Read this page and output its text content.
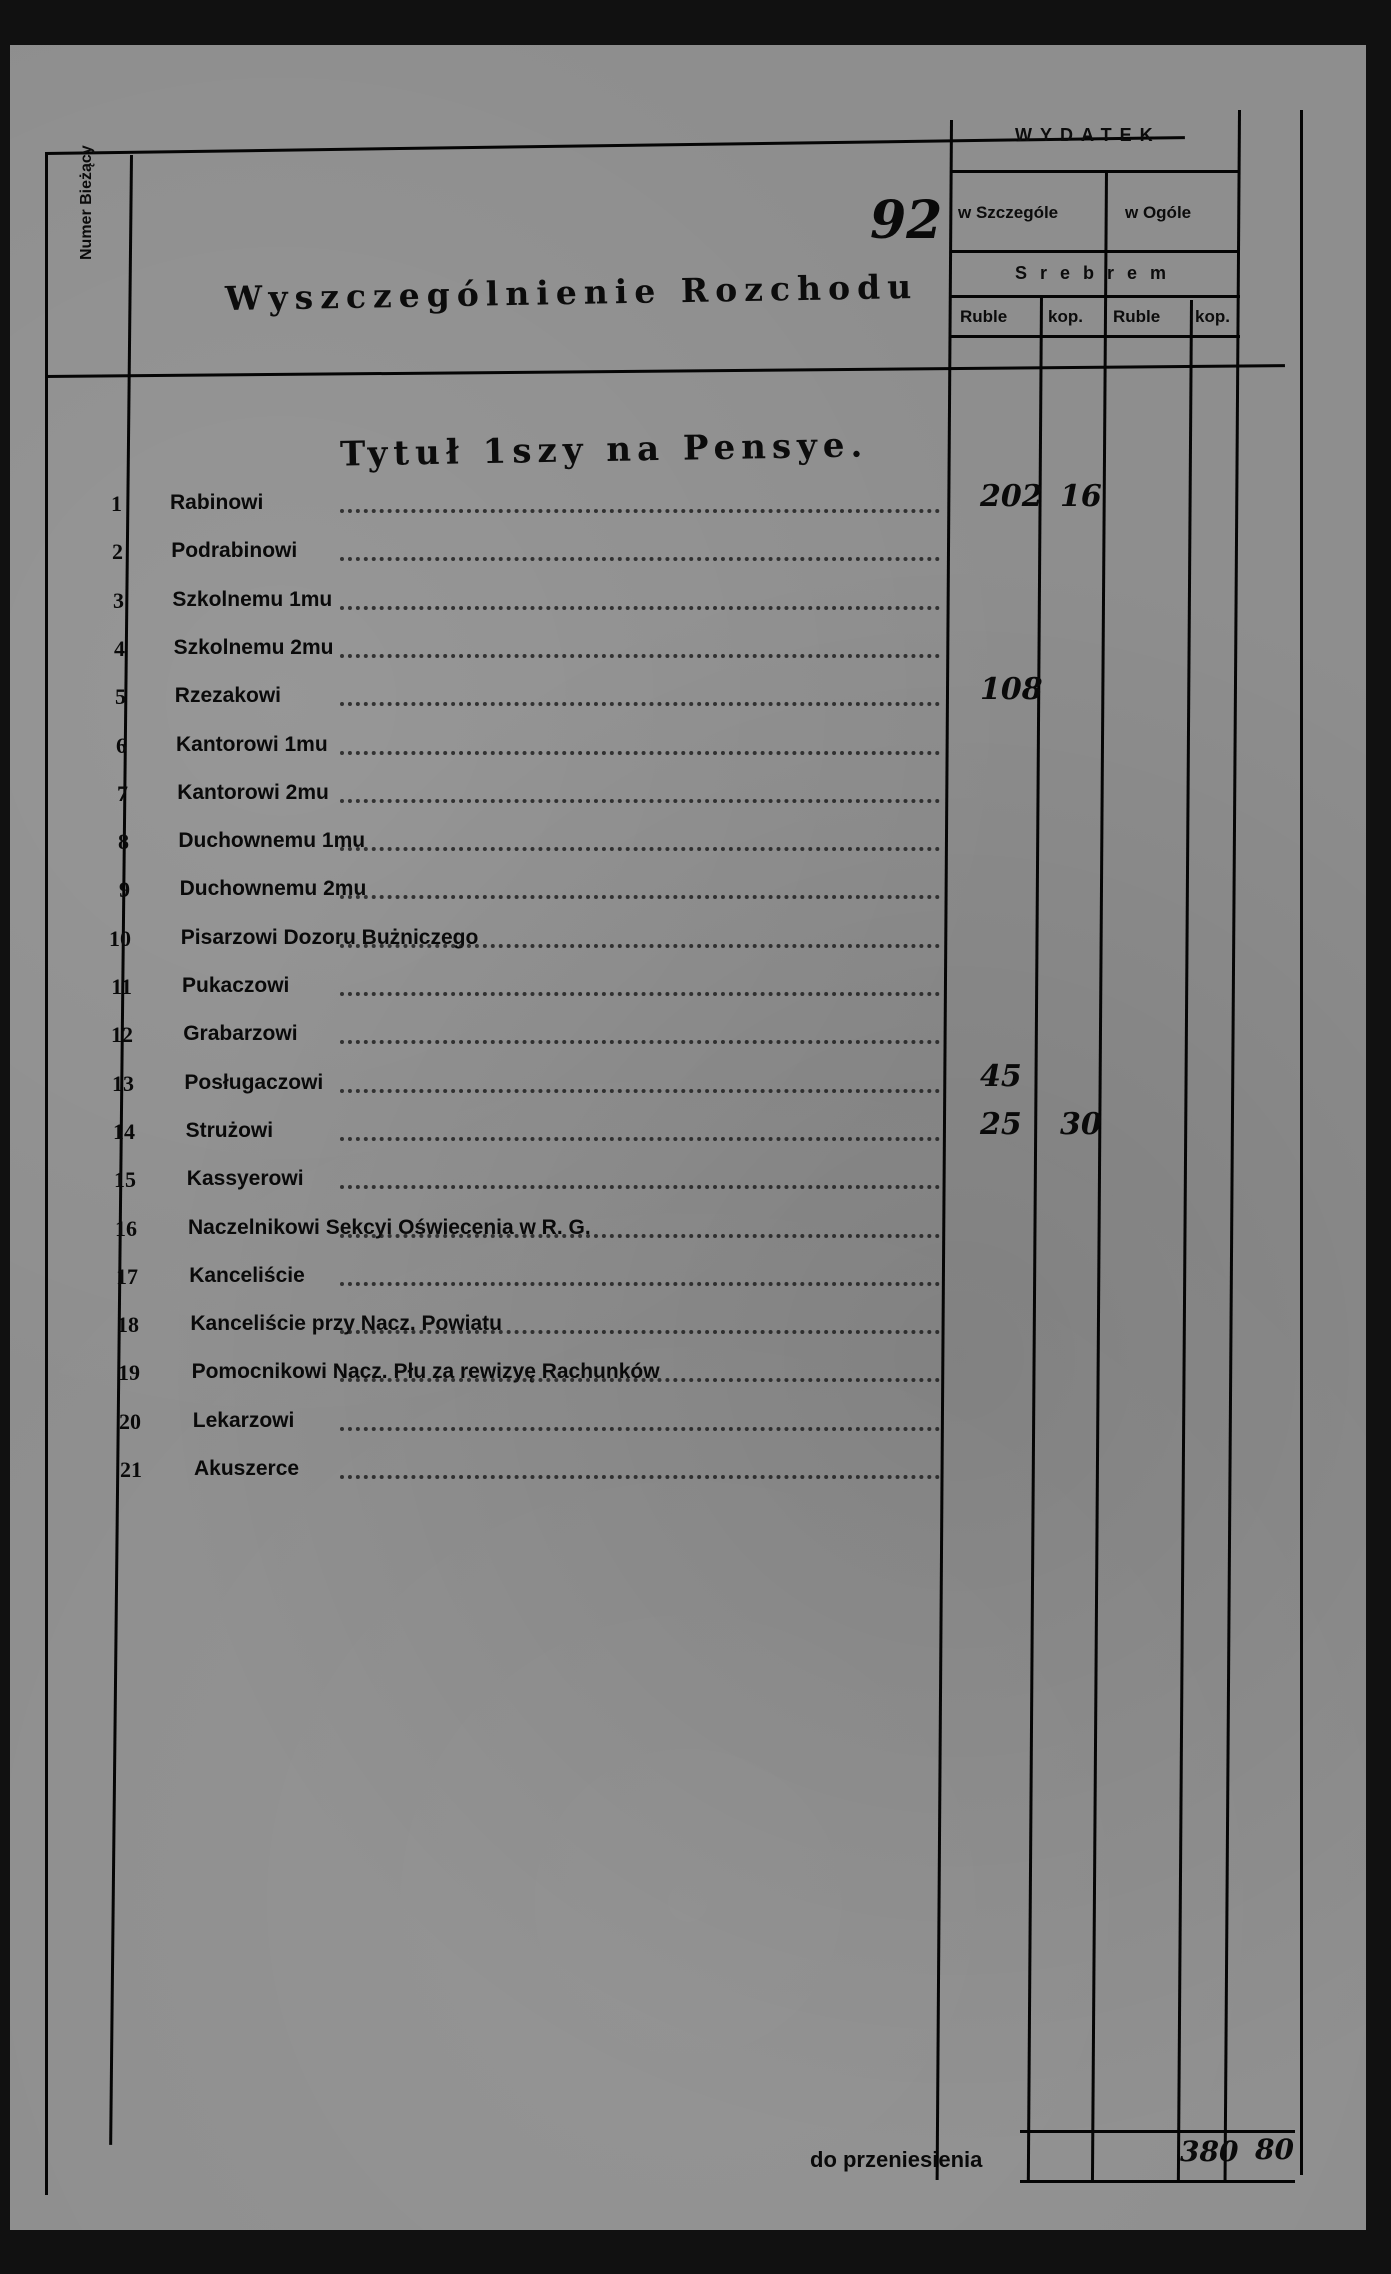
Numer Bieżący
Wyszczególnienie Rozchodu
92
WYDATEK
w Szczególe	w Ogóle
Srebrem
Ruble kop. Ruble kop.
Tytuł 1szy na Pensye.
1 Rabinowi	202 16
2 Podrabinowi
3 Szkolnemu 1mu
4 Szkolnemu 2mu
5 Rzezakowi	108
6 Kantorowi 1mu
7 Kantorowi 2mu
8 Duchownemu 1mu
9 Duchownemu 2mu
10 Pisarzowi Dozoru Bużniczego
11 Pukaczowi
12 Grabarzowi
13 Posługaczowi	45
14 Strużowi	25 30
15 Kassyerowi
16 Naczelnikowi Sekcyi Oświecenia w R. G.
17 Kanceliście
18 Kanceliście przy Nacz. Powiatu
19 Pomocnikowi Nacz. Płu za rewizyę Rachunków
20 Lekarzowi
21 Akuszerce
do przeniesienia	380 80
